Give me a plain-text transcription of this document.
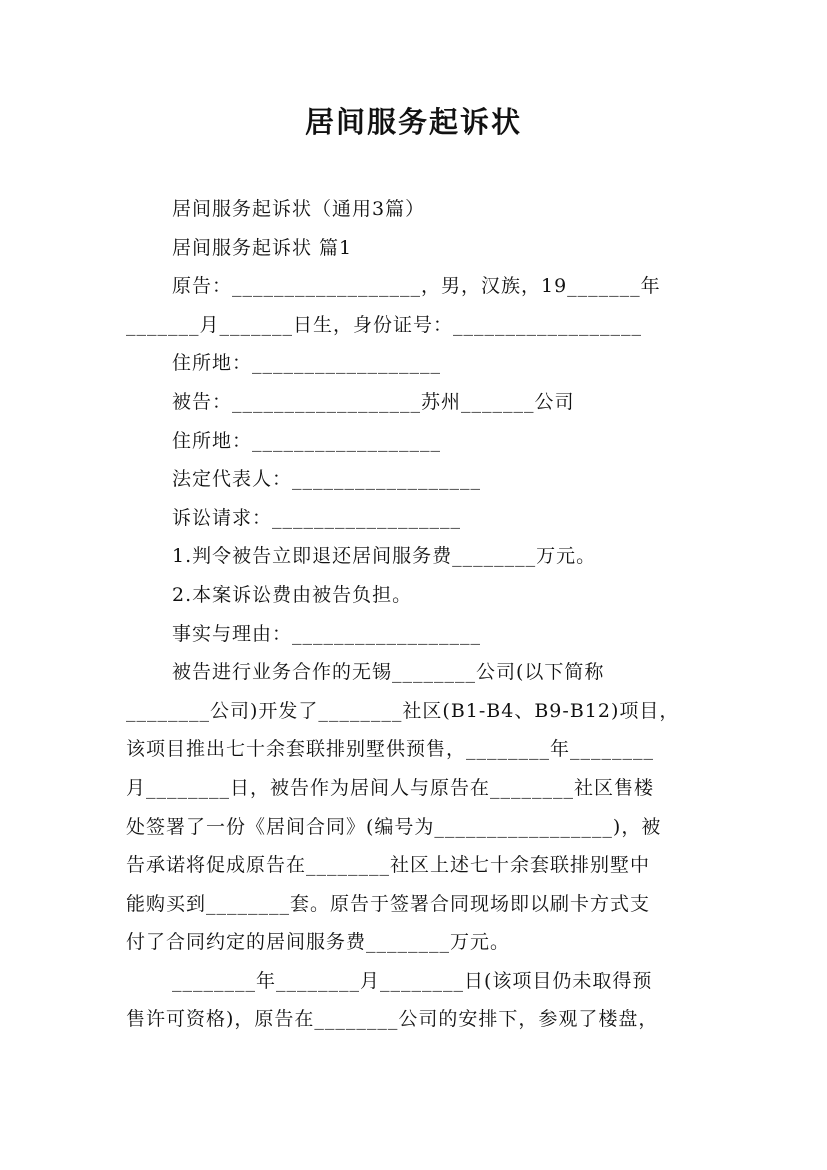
居间服务起诉状
居间服务起诉状（通用3篇）
居间服务起诉状 篇1
原告：__________________，男，汉族，19_______年
_______月_______日生，身份证号：__________________
住所地：__________________
被告：__________________苏州_______公司
住所地：__________________
法定代表人：__________________
诉讼请求：__________________
1.判令被告立即退还居间服务费________万元。
2.本案诉讼费由被告负担。
事实与理由：__________________
被告进行业务合作的无锡________公司(以下简称
________公司)开发了________社区(B1-B4、B9-B12)项目，
该项目推出七十余套联排别墅供预售，________年________
月________日，被告作为居间人与原告在________社区售楼
处签署了一份《居间合同》(编号为_________________)，被
告承诺将促成原告在________社区上述七十余套联排别墅中
能购买到________套。原告于签署合同现场即以刷卡方式支
付了合同约定的居间服务费________万元。
________年________月________日(该项目仍未取得预
售许可资格)，原告在________公司的安排下，参观了楼盘，
